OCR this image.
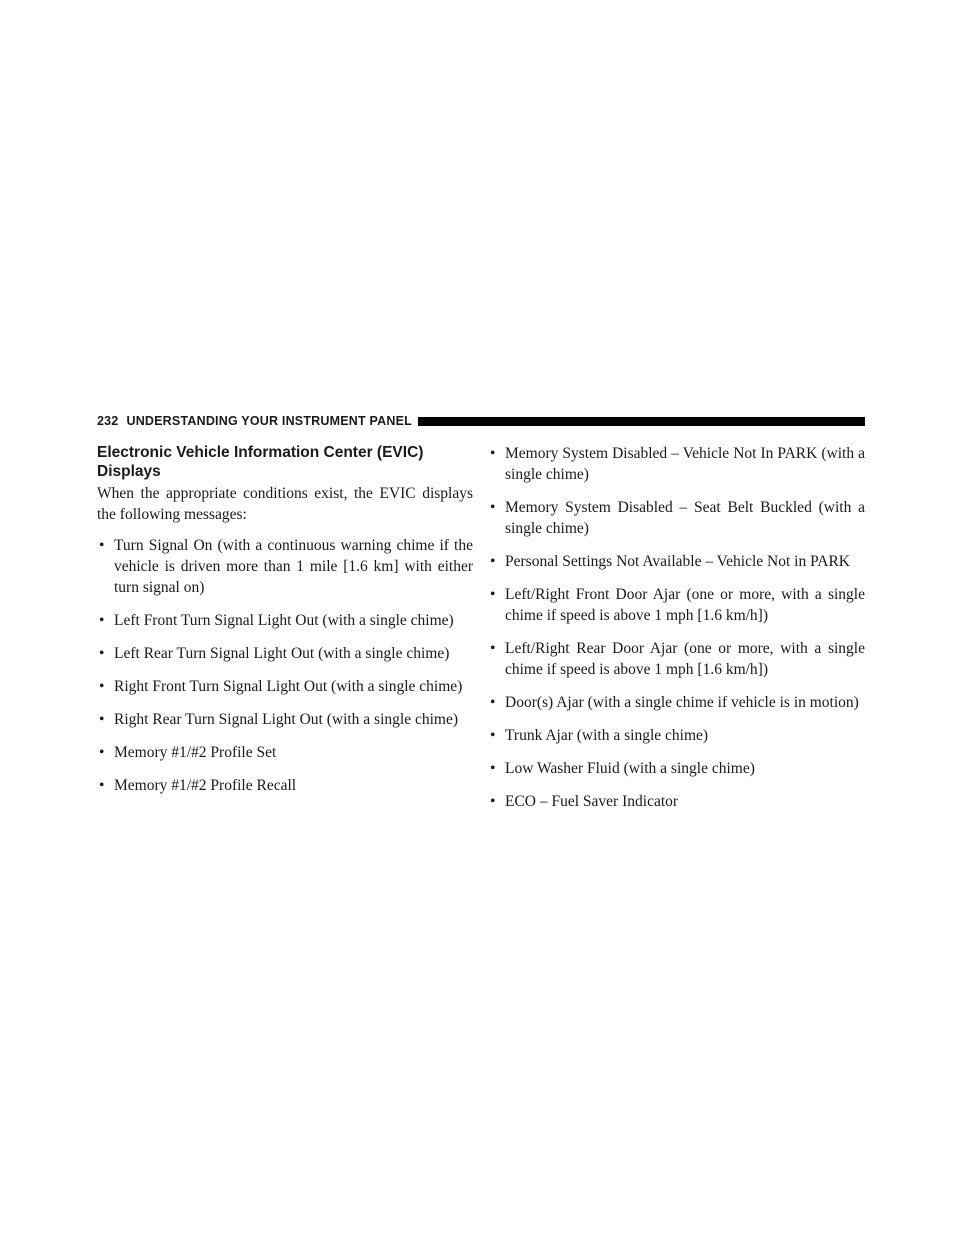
232 UNDERSTANDING YOUR INSTRUMENT PANEL
Electronic Vehicle Information Center (EVIC) Displays

When the appropriate conditions exist, the EVIC displays the following messages:

• Turn Signal On (with a continuous warning chime if the vehicle is driven more than 1 mile [1.6 km] with either turn signal on)
• Left Front Turn Signal Light Out (with a single chime)
• Left Rear Turn Signal Light Out (with a single chime)
• Right Front Turn Signal Light Out (with a single chime)
• Right Rear Turn Signal Light Out (with a single chime)
• Memory #1/#2 Profile Set
• Memory #1/#2 Profile Recall
• Memory System Disabled – Vehicle Not In PARK (with a single chime)
• Memory System Disabled – Seat Belt Buckled (with a single chime)
• Personal Settings Not Available – Vehicle Not in PARK
• Left/Right Front Door Ajar (one or more, with a single chime if speed is above 1 mph [1.6 km/h])
• Left/Right Rear Door Ajar (one or more, with a single chime if speed is above 1 mph [1.6 km/h])
• Door(s) Ajar (with a single chime if vehicle is in motion)
• Trunk Ajar (with a single chime)
• Low Washer Fluid (with a single chime)
• ECO – Fuel Saver Indicator
